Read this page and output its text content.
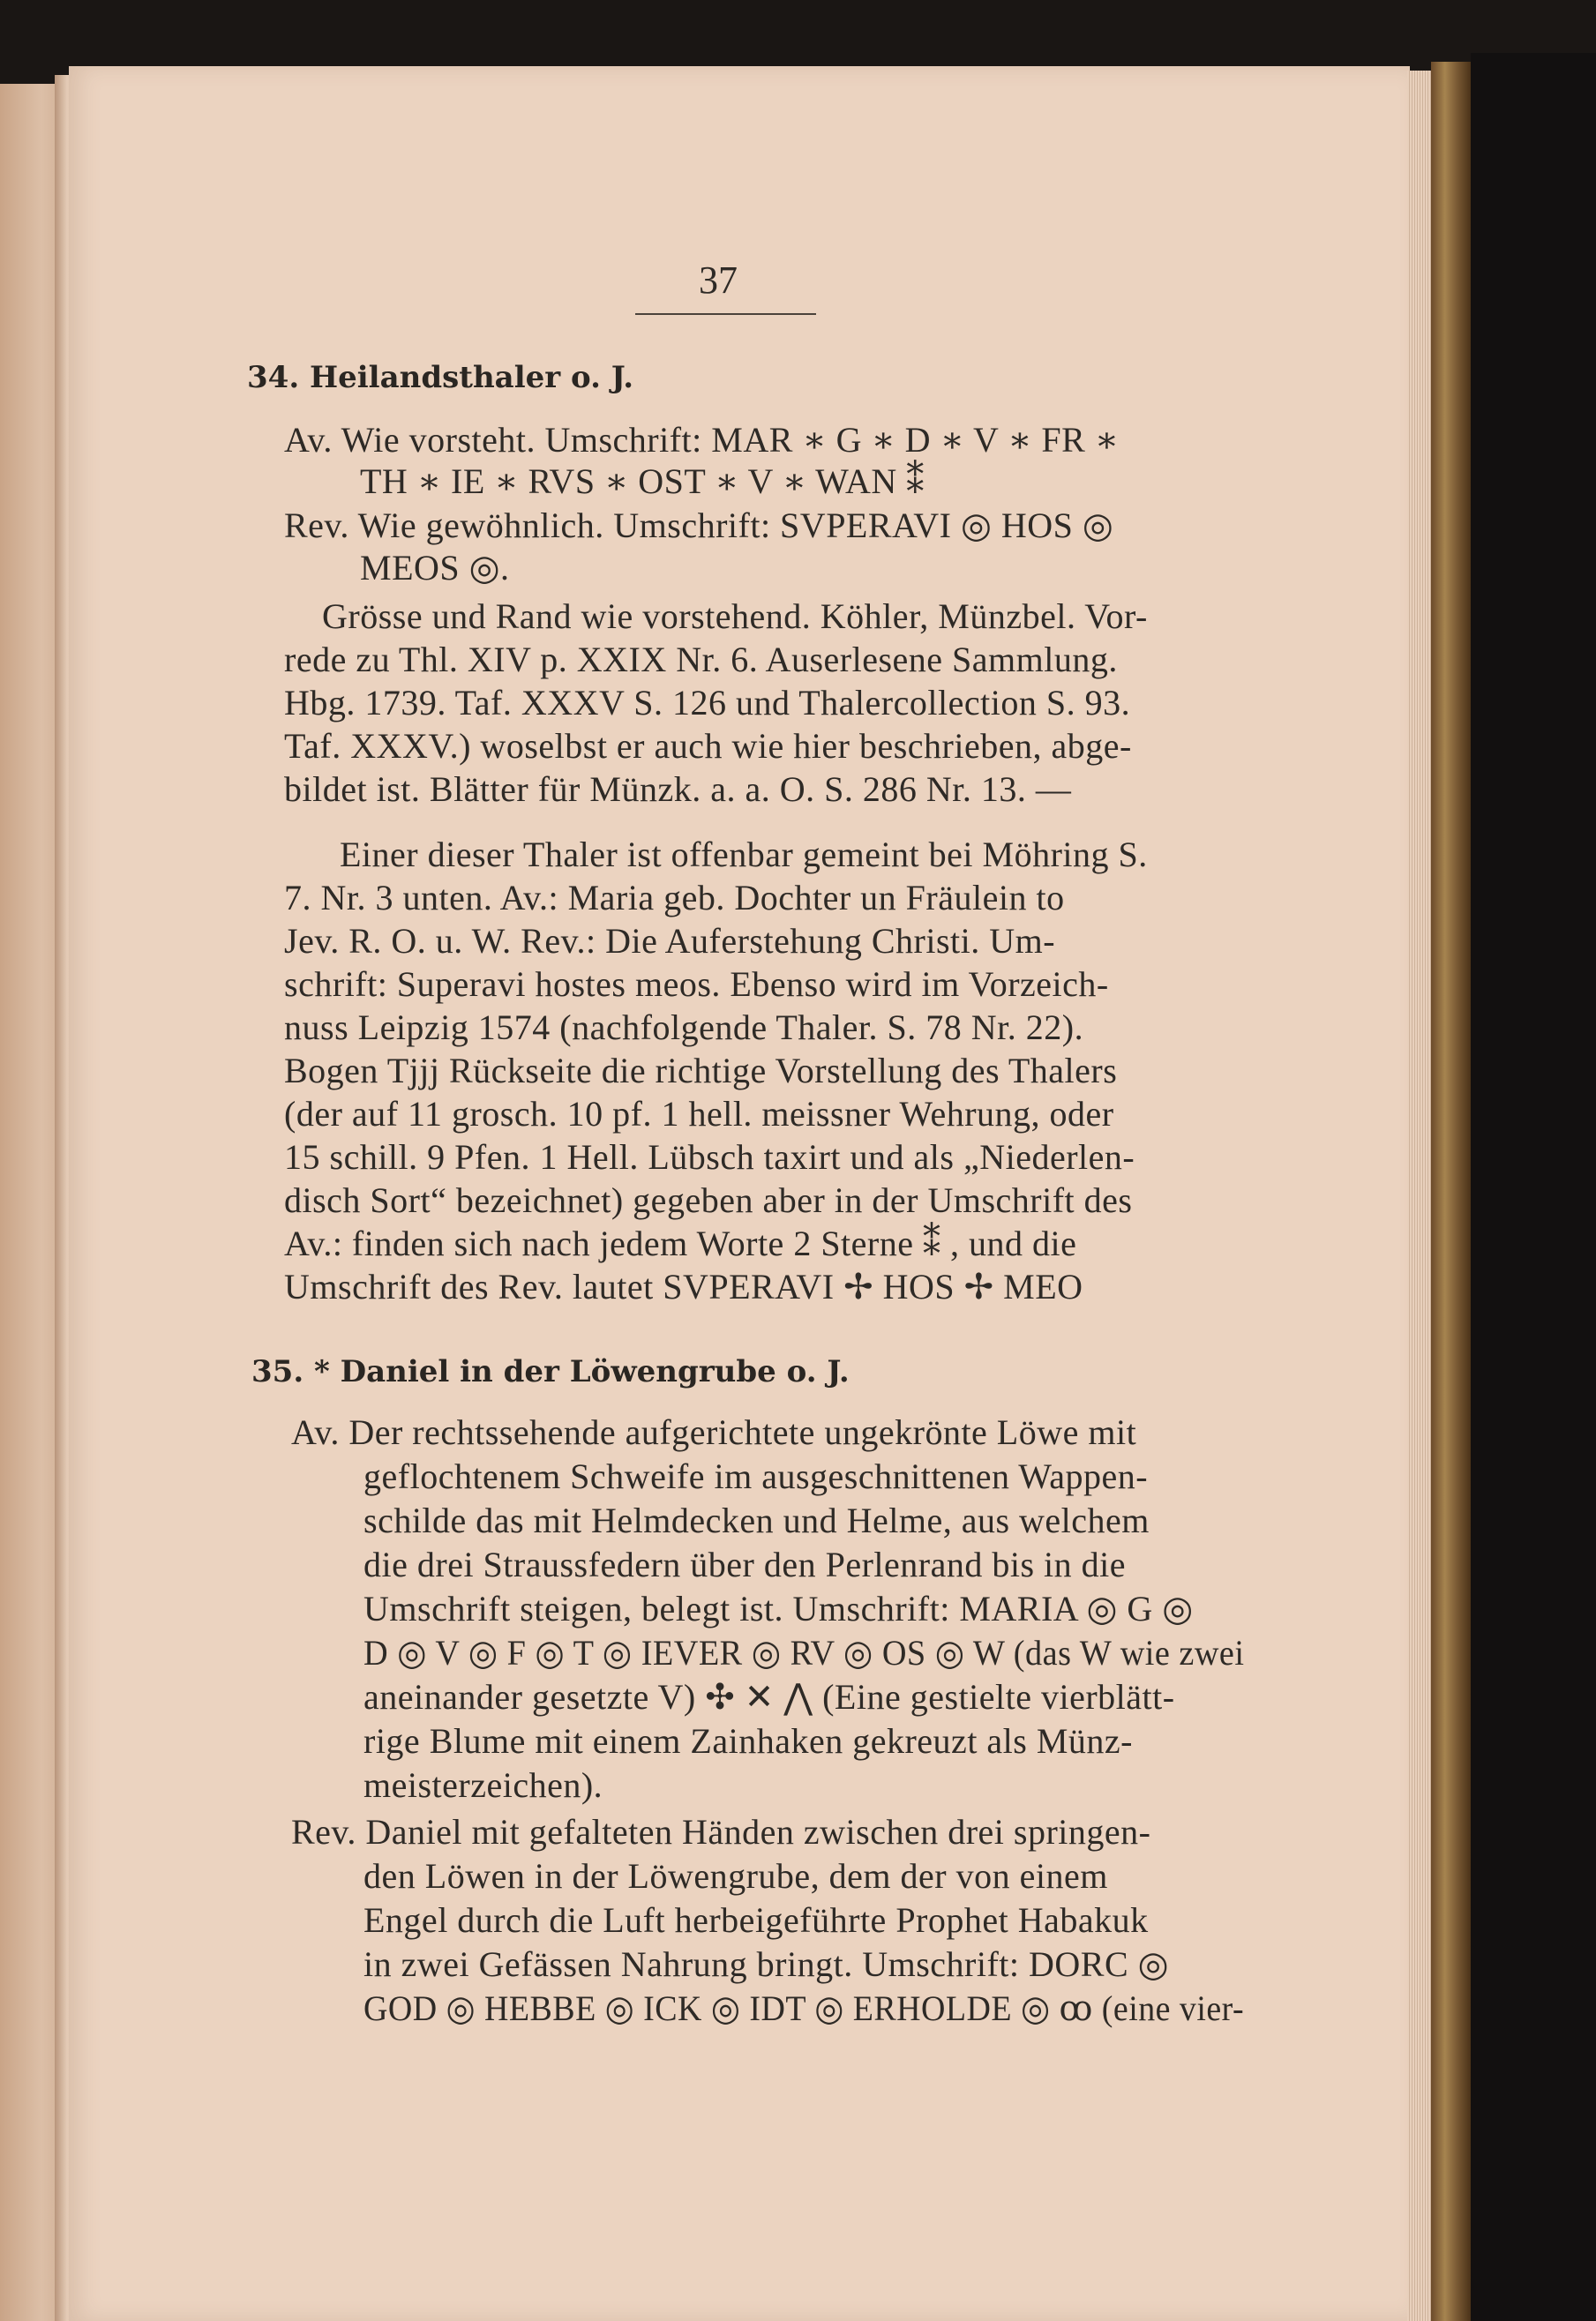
37
34. Heilandsthaler o. J.
Av. Wie vorsteht. Umschrift: MAR ∗ G ∗ D ∗ V ∗ FR ∗
TH ∗ IE ∗ RVS ∗ OST ∗ V ∗ WAN ⁑
Rev. Wie gewöhnlich. Umschrift: SVPERAVI ◎ HOS ◎
MEOS ◎.
Grösse und Rand wie vorstehend. Köhler, Münzbel. Vor-
rede zu Thl. XIV p. XXIX Nr. 6. Auserlesene Sammlung.
Hbg. 1739. Taf. XXXV S. 126 und Thalercollection S. 93.
Taf. XXXV.) woselbst er auch wie hier beschrieben, abge-
bildet ist. Blätter für Münzk. a. a. O. S. 286 Nr. 13. —
Einer dieser Thaler ist offenbar gemeint bei Möhring S.
7. Nr. 3 unten. Av.: Maria geb. Dochter un Fräulein to
Jev. R. O. u. W. Rev.: Die Auferstehung Christi. Um-
schrift: Superavi hostes meos. Ebenso wird im Vorzeich-
nuss Leipzig 1574 (nachfolgende Thaler. S. 78 Nr. 22).
Bogen Tjjj Rückseite die richtige Vorstellung des Thalers
(der auf 11 grosch. 10 pf. 1 hell. meissner Wehrung, oder
15 schill. 9 Pfen. 1 Hell. Lübsch taxirt und als „Niederlen-
disch Sort“ bezeichnet) gegeben aber in der Umschrift des
Av.: finden sich nach jedem Worte 2 Sterne ⁑ , und die
Umschrift des Rev. lautet SVPERAVI ✢ HOS ✢ MEO
35. * Daniel in der Löwengrube o. J.
Av. Der rechtssehende aufgerichtete ungekrönte Löwe mit
geflochtenem Schweife im ausgeschnittenen Wappen-
schilde das mit Helmdecken und Helme, aus welchem
die drei Straussfedern über den Perlenrand bis in die
Umschrift steigen, belegt ist. Umschrift: MARIA ◎ G ◎
D ◎ V ◎ F ◎ T ◎ IEVER ◎ RV ◎ OS ◎ W (das W wie zwei
aneinander gesetzte V) ✣ ✕ ⋀ (Eine gestielte vierblätt-
rige Blume mit einem Zainhaken gekreuzt als Münz-
meisterzeichen).
Rev. Daniel mit gefalteten Händen zwischen drei springen-
den Löwen in der Löwengrube, dem der von einem
Engel durch die Luft herbeigeführte Prophet Habakuk
in zwei Gefässen Nahrung bringt. Umschrift: DORC ◎
GOD ◎ HEBBE ◎ ICK ◎ IDT ◎ ERHOLDE ◎ ꝏ (eine vier-
